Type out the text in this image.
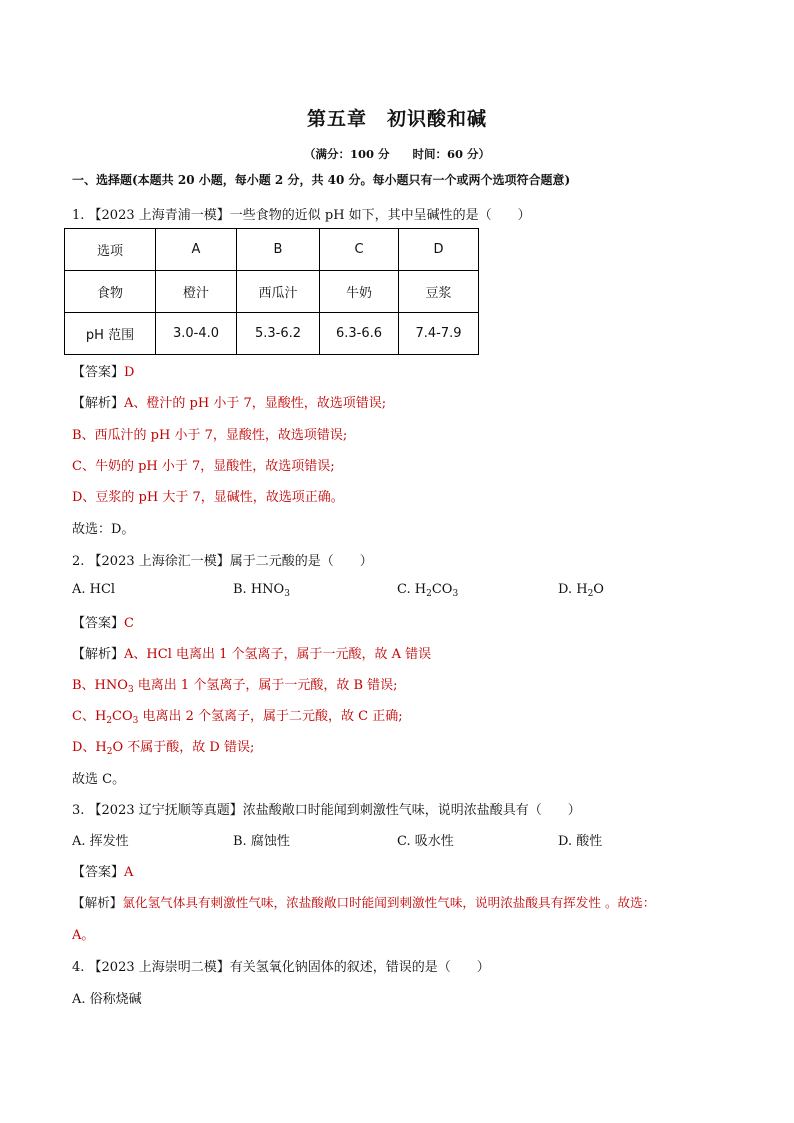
第五章　初识酸和碱
（满分：100 分　　时间：60 分）
一、选择题(本题共 20 小题，每小题 2 分，共 40 分。每小题只有一个或两个选项符合题意)
1. 【2023 上海青浦一模】一些食物的近似 pH 如下，其中呈碱性的是（　　）
选项	A	B	C	D
食物	橙汁	西瓜汁	牛奶	豆浆
pH 范围	3.0-4.0	5.3-6.2	6.3-6.6	7.4-7.9
【答案】D
【解析】A、橙汁的 pH 小于 7，显酸性，故选项错误;
B、西瓜汁的 pH 小于 7，显酸性，故选项错误;
C、牛奶的 pH 小于 7，显酸性，故选项错误;
D、豆浆的 pH 大于 7，显碱性，故选项正确。
故选：D。
2. 【2023 上海徐汇一模】属于二元酸的是（　　）
A. HCl	B. $HNO_3$	C. $H_2CO_3$	D. $H_2O$
【答案】C
【解析】A、HCl 电离出 1 个氢离子，属于一元酸，故 A 错误
B、$HNO_3$ 电离出 1 个氢离子，属于一元酸，故 B 错误;
C、$H_2CO_3$ 电离出 2 个氢离子，属于二元酸，故 C 正确;
D、$H_2O$ 不属于酸，故 D 错误;
故选 C。
3. 【2023 辽宁抚顺等真题】浓盐酸敞口时能闻到刺激性气味，说明浓盐酸具有（　　）
A. 挥发性	B. 腐蚀性	C. 吸水性	D. 酸性
【答案】A
【解析】氯化氢气体具有刺激性气味，浓盐酸敞口时能闻到刺激性气味，说明浓盐酸具有挥发性 。故选：
A。
4. 【2023 上海崇明二模】有关氢氧化钠固体的叙述，错误的是（　　）
A. 俗称烧碱
